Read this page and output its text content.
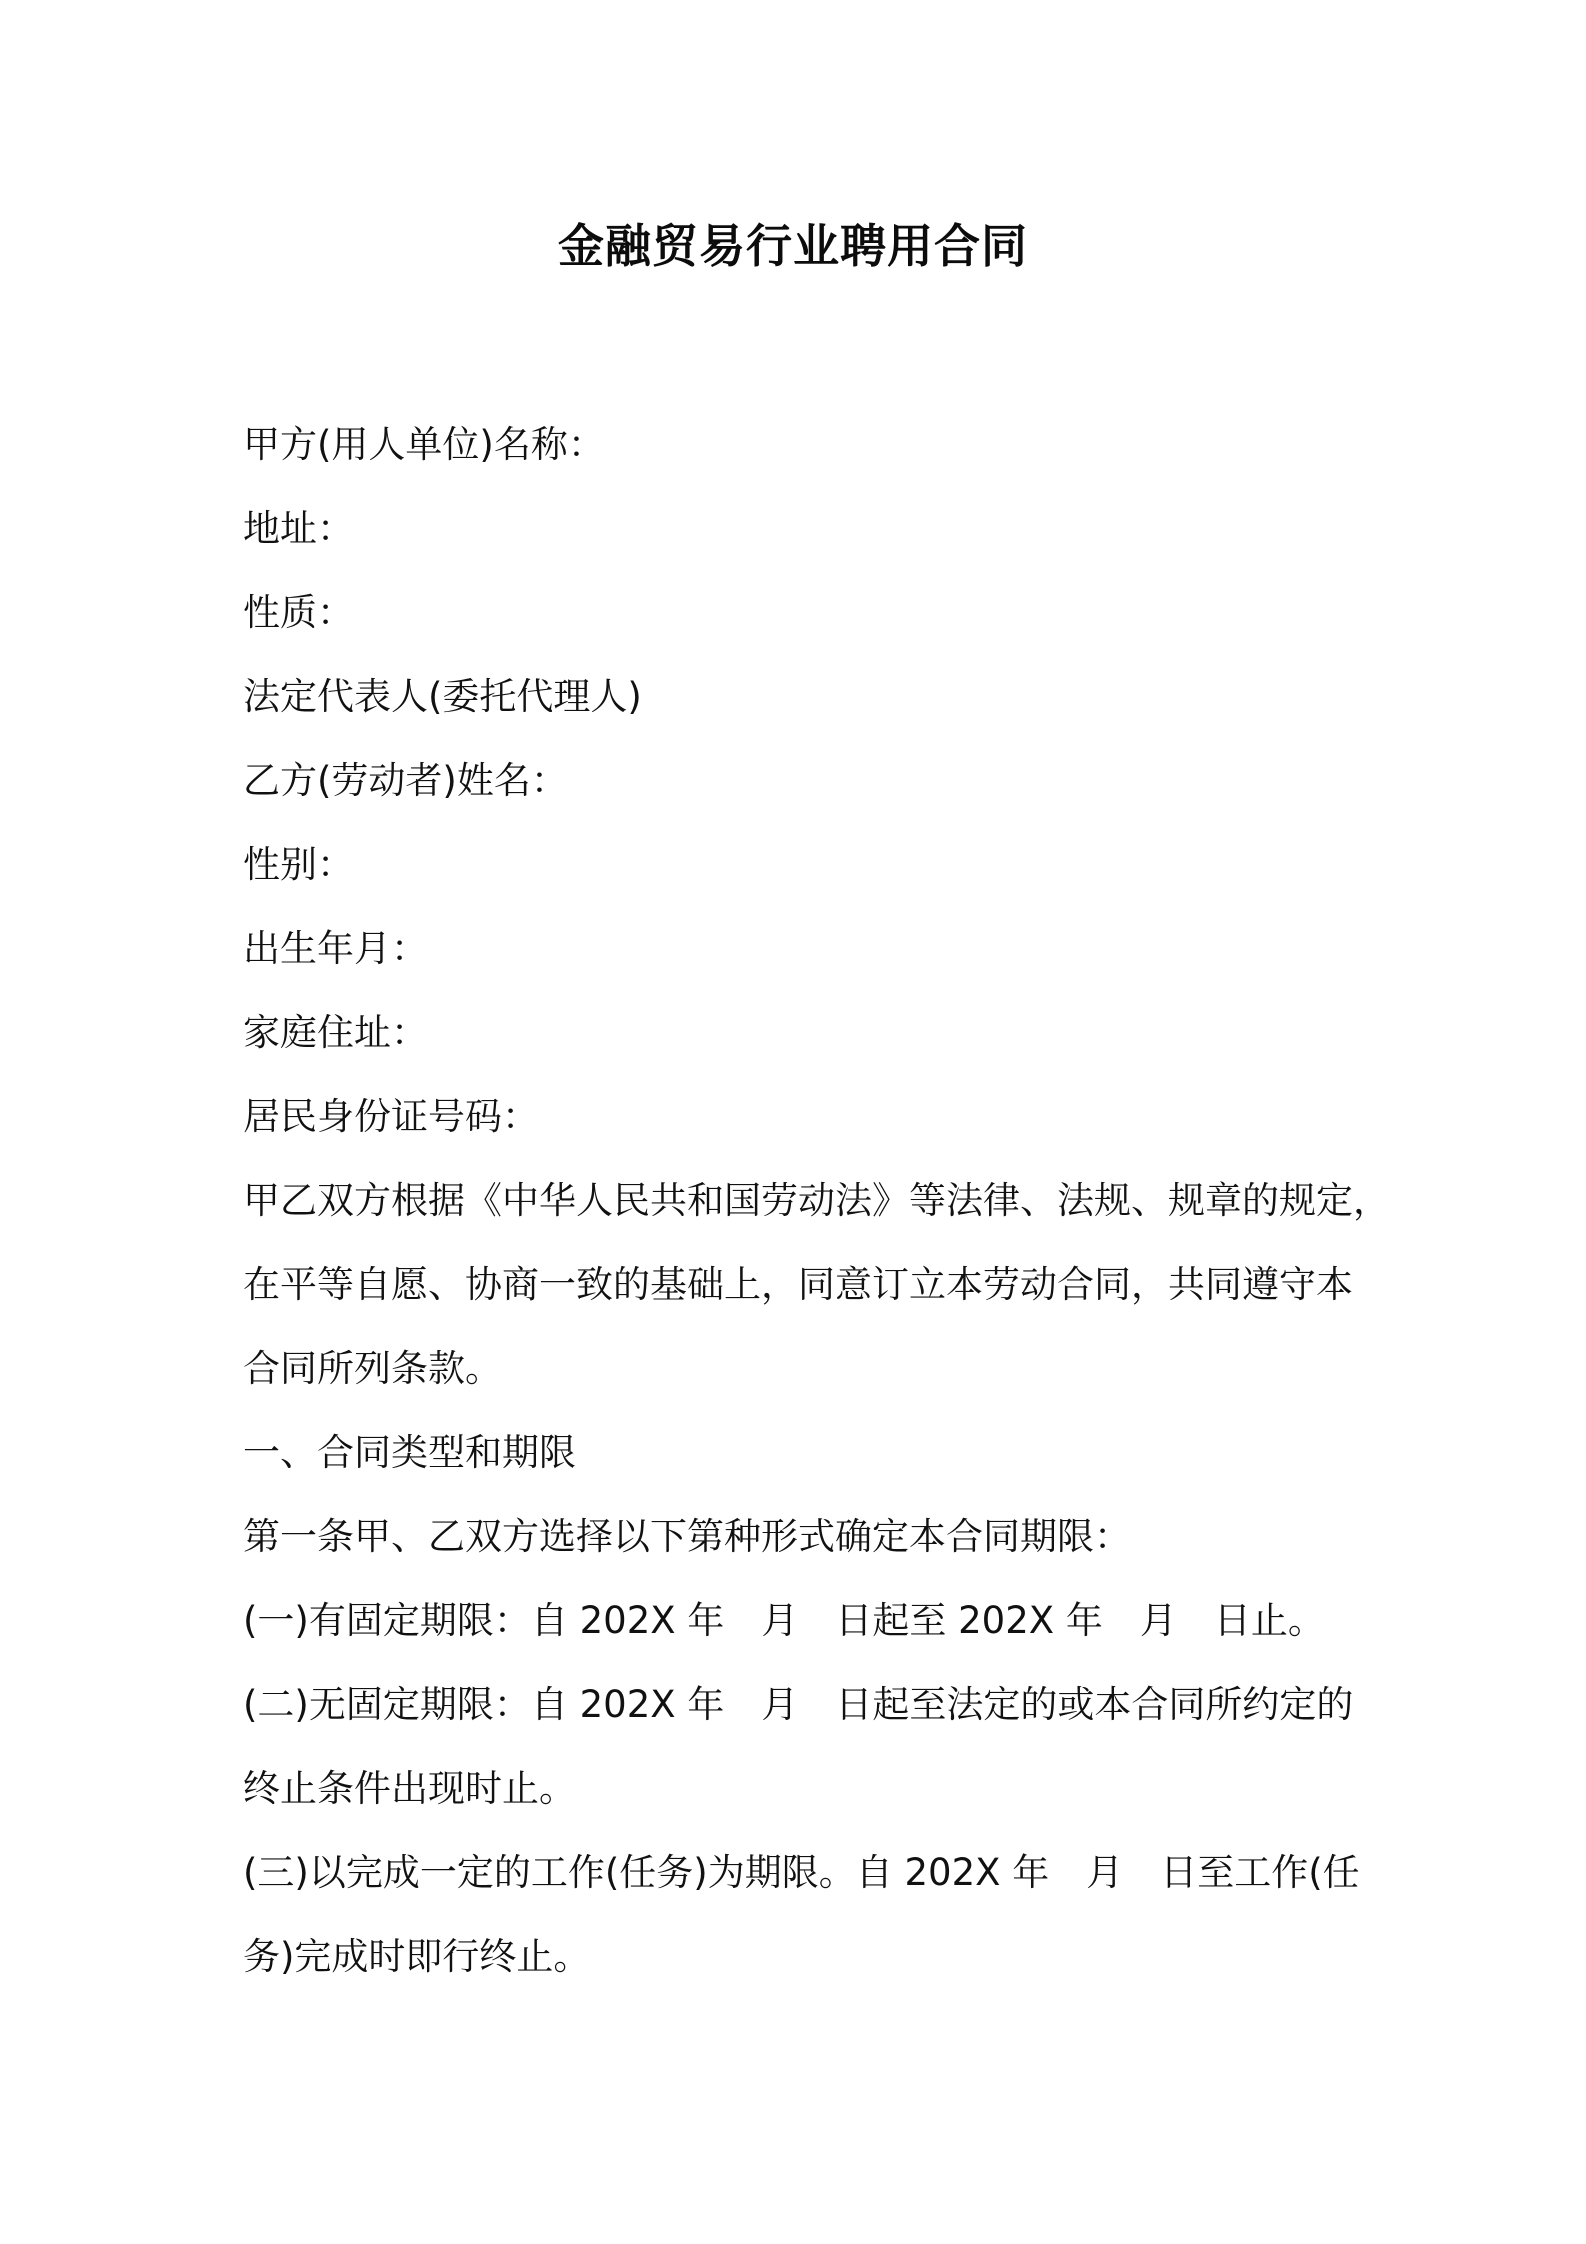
金融贸易行业聘用合同

甲方(用人单位)名称：

地址：

性质：

法定代表人(委托代理人)

乙方(劳动者)姓名：

性别：

出生年月：

家庭住址：

居民身份证号码：

甲乙双方根据《中华人民共和国劳动法》等法律、法规、规章的规定，

在平等自愿、协商一致的基础上，同意订立本劳动合同，共同遵守本

合同所列条款。

一、合同类型和期限

第一条甲、乙双方选择以下第种形式确定本合同期限：

(一)有固定期限：自 202X 年　月　日起至 202X 年　月　日止。

(二)无固定期限：自 202X 年　月　日起至法定的或本合同所约定的

终止条件出现时止。

(三)以完成一定的工作(任务)为期限。自 202X 年　月　日至工作(任

务)完成时即行终止。
